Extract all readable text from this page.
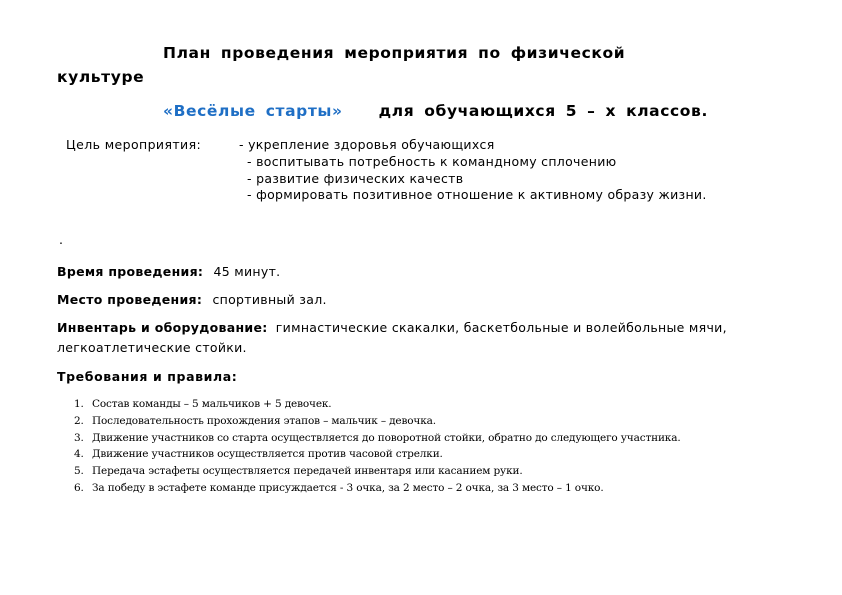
План проведения мероприятия по физической
культуре
«Весёлые старты» для обучающихся 5 – х классов.
Цель мероприятия:	- укрепление здоровья обучающихся
- воспитывать потребность к командному сплочению
- развитие физических качеств
- формировать позитивное отношение к активному образу жизни.
.
Время проведения: 45 минут.
Место проведения: спортивный зал.
Инвентарь и оборудование: гимнастические скакалки, баскетбольные и волейбольные мячи,
легкоатлетические стойки.
Требования и правила:
1. Состав команды – 5 мальчиков + 5 девочек.
2. Последовательность прохождения этапов – мальчик – девочка.
3. Движение участников со старта осуществляется до поворотной стойки, обратно до следующего участника.
4. Движение участников осуществляется против часовой стрелки.
5. Передача эстафеты осуществляется передачей инвентаря или касанием руки.
6. За победу в эстафете команде присуждается - 3 очка, за 2 место – 2 очка, за 3 место – 1 очко.
